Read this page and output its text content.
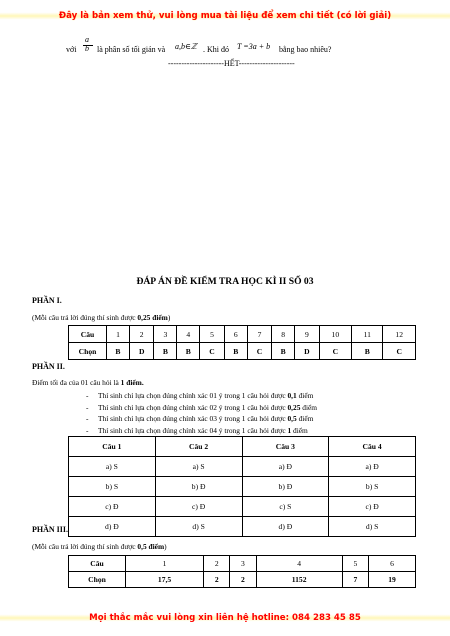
Đây là bản xem thử, vui lòng mua tài liệu để xem chi tiết (có lời giải)
a
b
với	là phân số tối giản và a,b∈ℤ . Khi đó T =3a + b bằng bao nhiêu?
---------------------HẾT---------------------
ĐÁP ÁN ĐỀ KIỂM TRA HỌC KÌ II SỐ 03
PHẦN I.
(Mỗi câu trả lời đúng thí sinh được 0,25 điểm)
Câu	1	2	3	4	5	6	7	8	9	10	11	12
Chọn	B	D	B	B	C	B	C	B	D	C	B	C
PHẦN II.
Điểm tối đa của 01 câu hỏi là 1 điểm.
- Thí sinh chỉ lựa chọn đúng chính xác 01 ý trong 1 câu hỏi được 0,1 điểm
- Thí sinh chỉ lựa chọn đúng chính xác 02 ý trong 1 câu hỏi được 0,25 điểm
- Thí sinh chỉ lựa chọn đúng chính xác 03 ý trong 1 câu hỏi được 0,5 điểm
- Thí sinh chỉ lựa chọn đúng chính xác 04 ý trong 1 câu hỏi được 1 điểm
Câu 1	Câu 2	Câu 3	Câu 4
a) S	a) S	a) Đ	a) Đ
b) S	b) Đ	b) Đ	b) S
c) Đ	c) Đ	c) S	c) Đ
d) Đ	d) S	d) Đ	d) S
PHẦN III.
(Mỗi câu trả lời đúng thí sinh được 0,5 điểm)
Câu	1	2	3	4	5	6
Chọn	17,5	2	2	1152	7	19
Mọi thắc mắc vui lòng xin liên hệ hotline: 084 283 45 85
